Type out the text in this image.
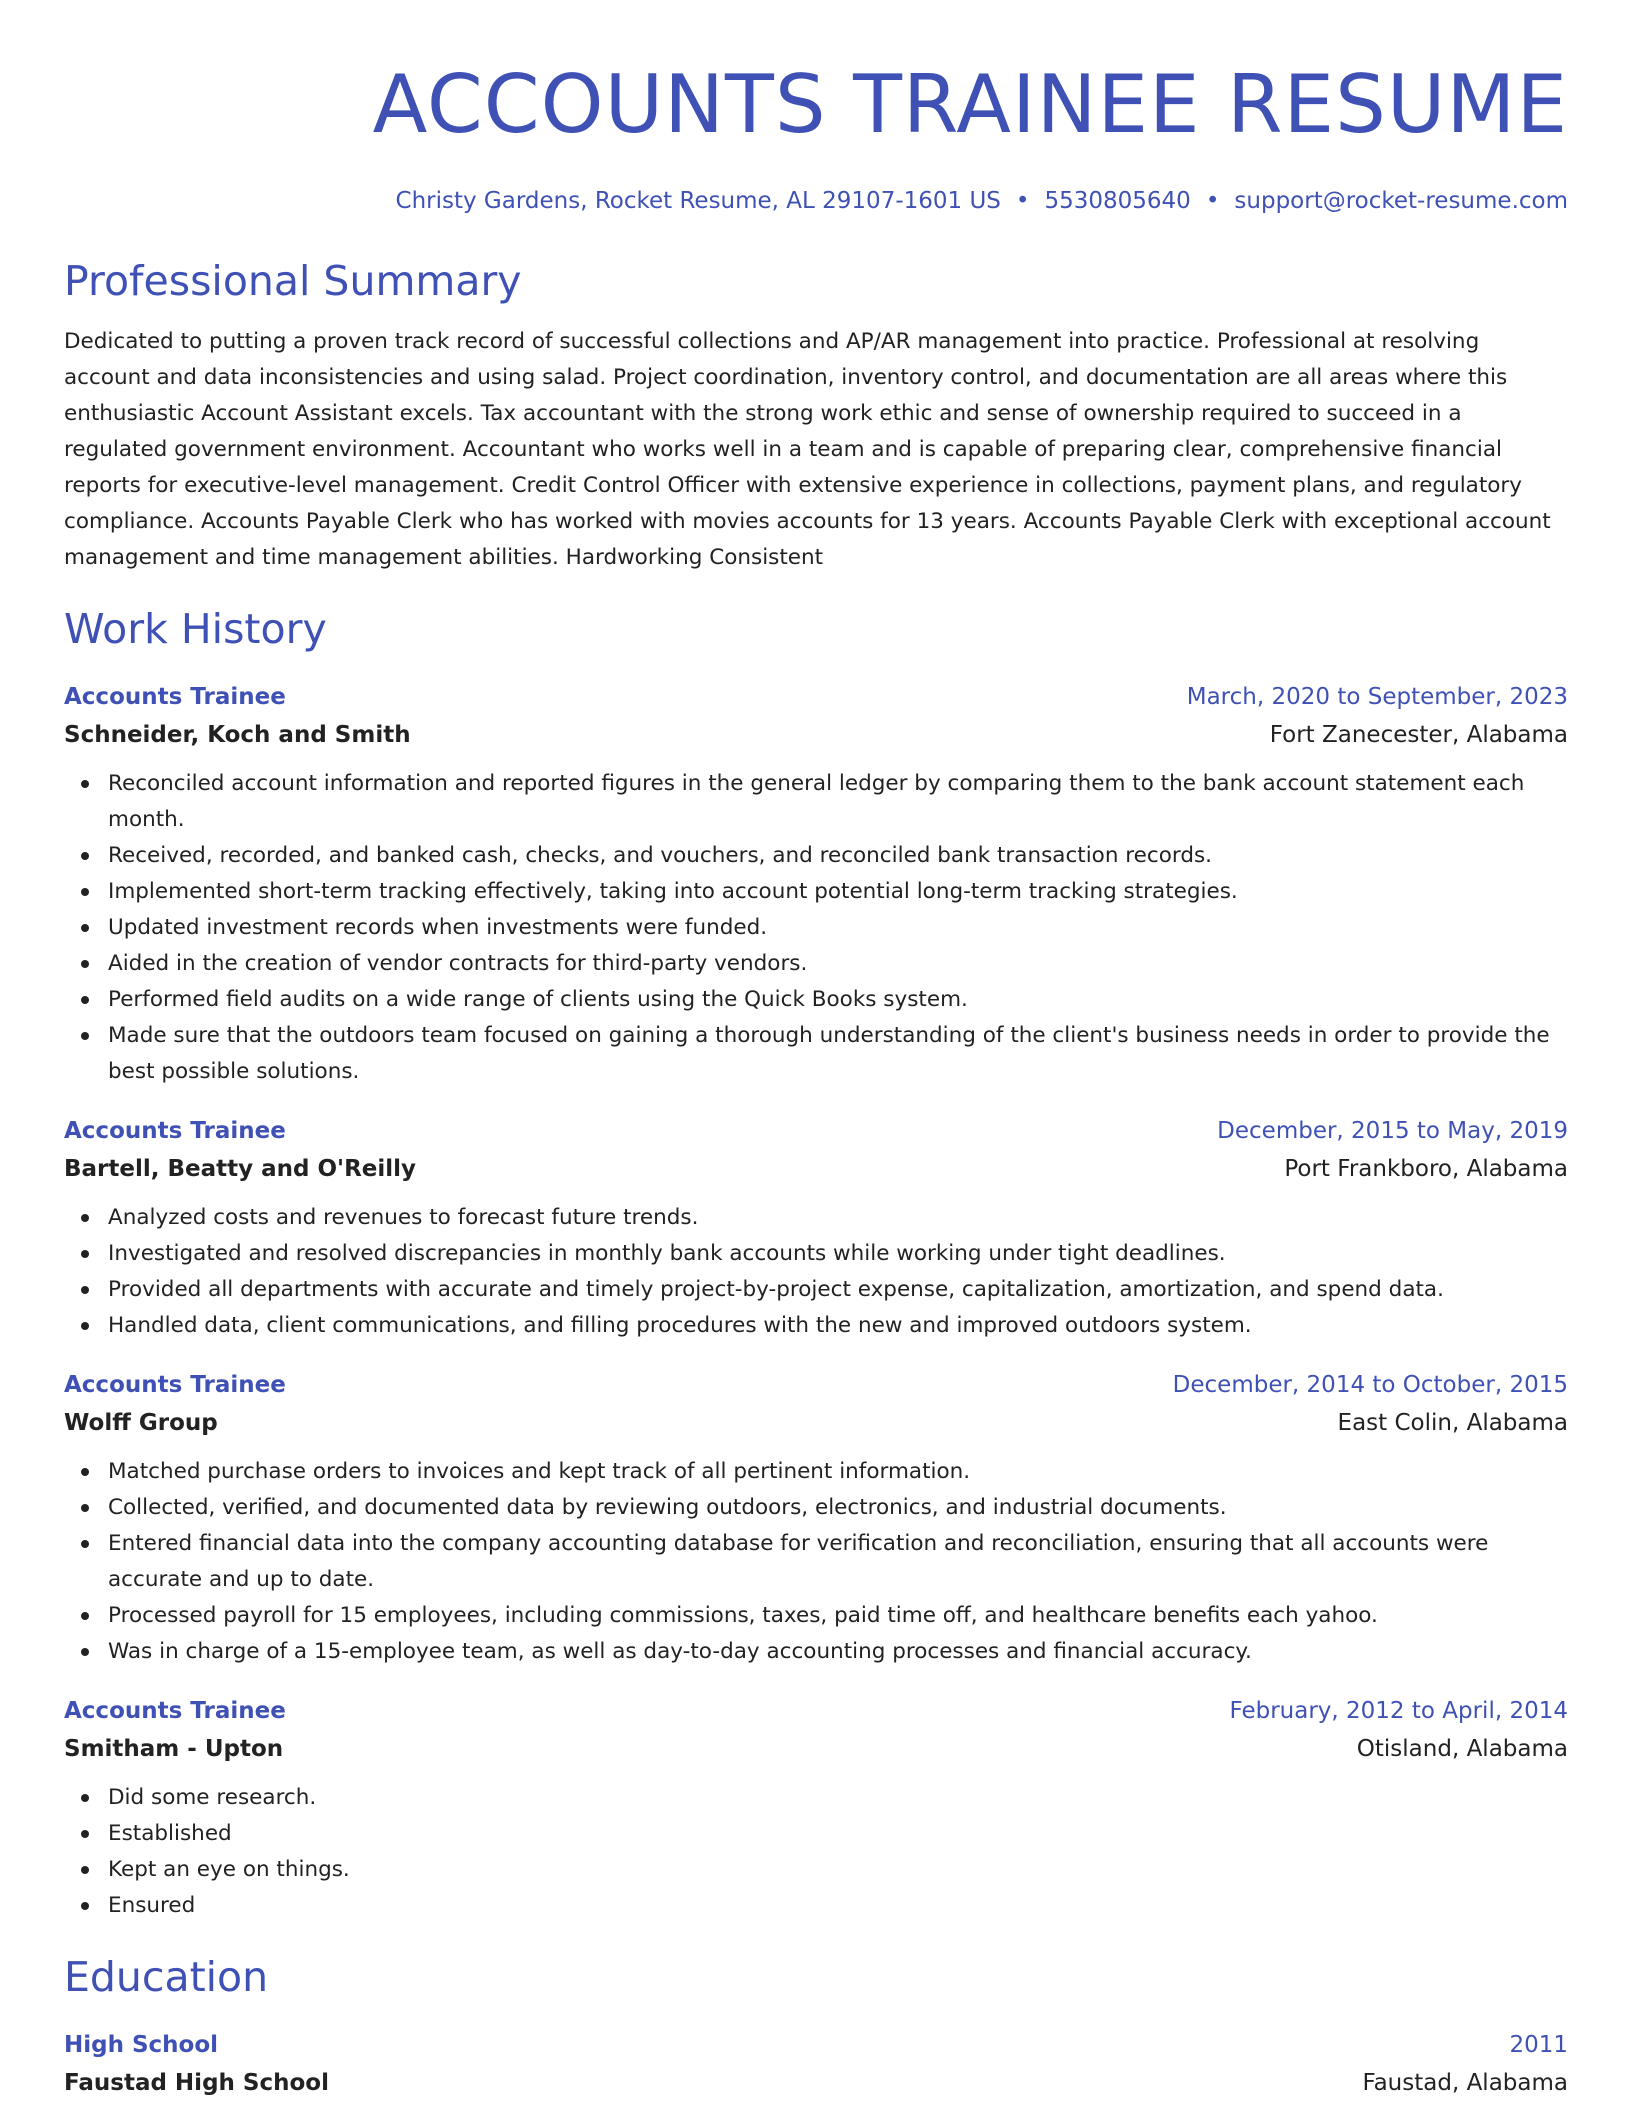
ACCOUNTS TRAINEE RESUME
Christy Gardens, Rocket Resume, AL 29107-1601 US • 5530805640 • support@rocket-resume.com
Professional Summary
Dedicated to putting a proven track record of successful collections and AP/AR management into practice. Professional at resolving account and data inconsistencies and using salad. Project coordination, inventory control, and documentation are all areas where this enthusiastic Account Assistant excels. Tax accountant with the strong work ethic and sense of ownership required to succeed in a regulated government environment. Accountant who works well in a team and is capable of preparing clear, comprehensive financial reports for executive-level management. Credit Control Officer with extensive experience in collections, payment plans, and regulatory compliance. Accounts Payable Clerk who has worked with movies accounts for 13 years. Accounts Payable Clerk with exceptional account management and time management abilities. Hardworking Consistent
Work History
Accounts Trainee	March, 2020 to September, 2023
Schneider, Koch and Smith	Fort Zanecester, Alabama
Reconciled account information and reported figures in the general ledger by comparing them to the bank account statement each month.
Received, recorded, and banked cash, checks, and vouchers, and reconciled bank transaction records.
Implemented short-term tracking effectively, taking into account potential long-term tracking strategies.
Updated investment records when investments were funded.
Aided in the creation of vendor contracts for third-party vendors.
Performed field audits on a wide range of clients using the Quick Books system.
Made sure that the outdoors team focused on gaining a thorough understanding of the client's business needs in order to provide the best possible solutions.
Accounts Trainee	December, 2015 to May, 2019
Bartell, Beatty and O'Reilly	Port Frankboro, Alabama
Analyzed costs and revenues to forecast future trends.
Investigated and resolved discrepancies in monthly bank accounts while working under tight deadlines.
Provided all departments with accurate and timely project-by-project expense, capitalization, amortization, and spend data.
Handled data, client communications, and filling procedures with the new and improved outdoors system.
Accounts Trainee	December, 2014 to October, 2015
Wolff Group	East Colin, Alabama
Matched purchase orders to invoices and kept track of all pertinent information.
Collected, verified, and documented data by reviewing outdoors, electronics, and industrial documents.
Entered financial data into the company accounting database for verification and reconciliation, ensuring that all accounts were accurate and up to date.
Processed payroll for 15 employees, including commissions, taxes, paid time off, and healthcare benefits each yahoo.
Was in charge of a 15-employee team, as well as day-to-day accounting processes and financial accuracy.
Accounts Trainee	February, 2012 to April, 2014
Smitham - Upton	Otisland, Alabama
Did some research.
Established
Kept an eye on things.
Ensured
Education
High School	2011
Faustad High School	Faustad, Alabama
